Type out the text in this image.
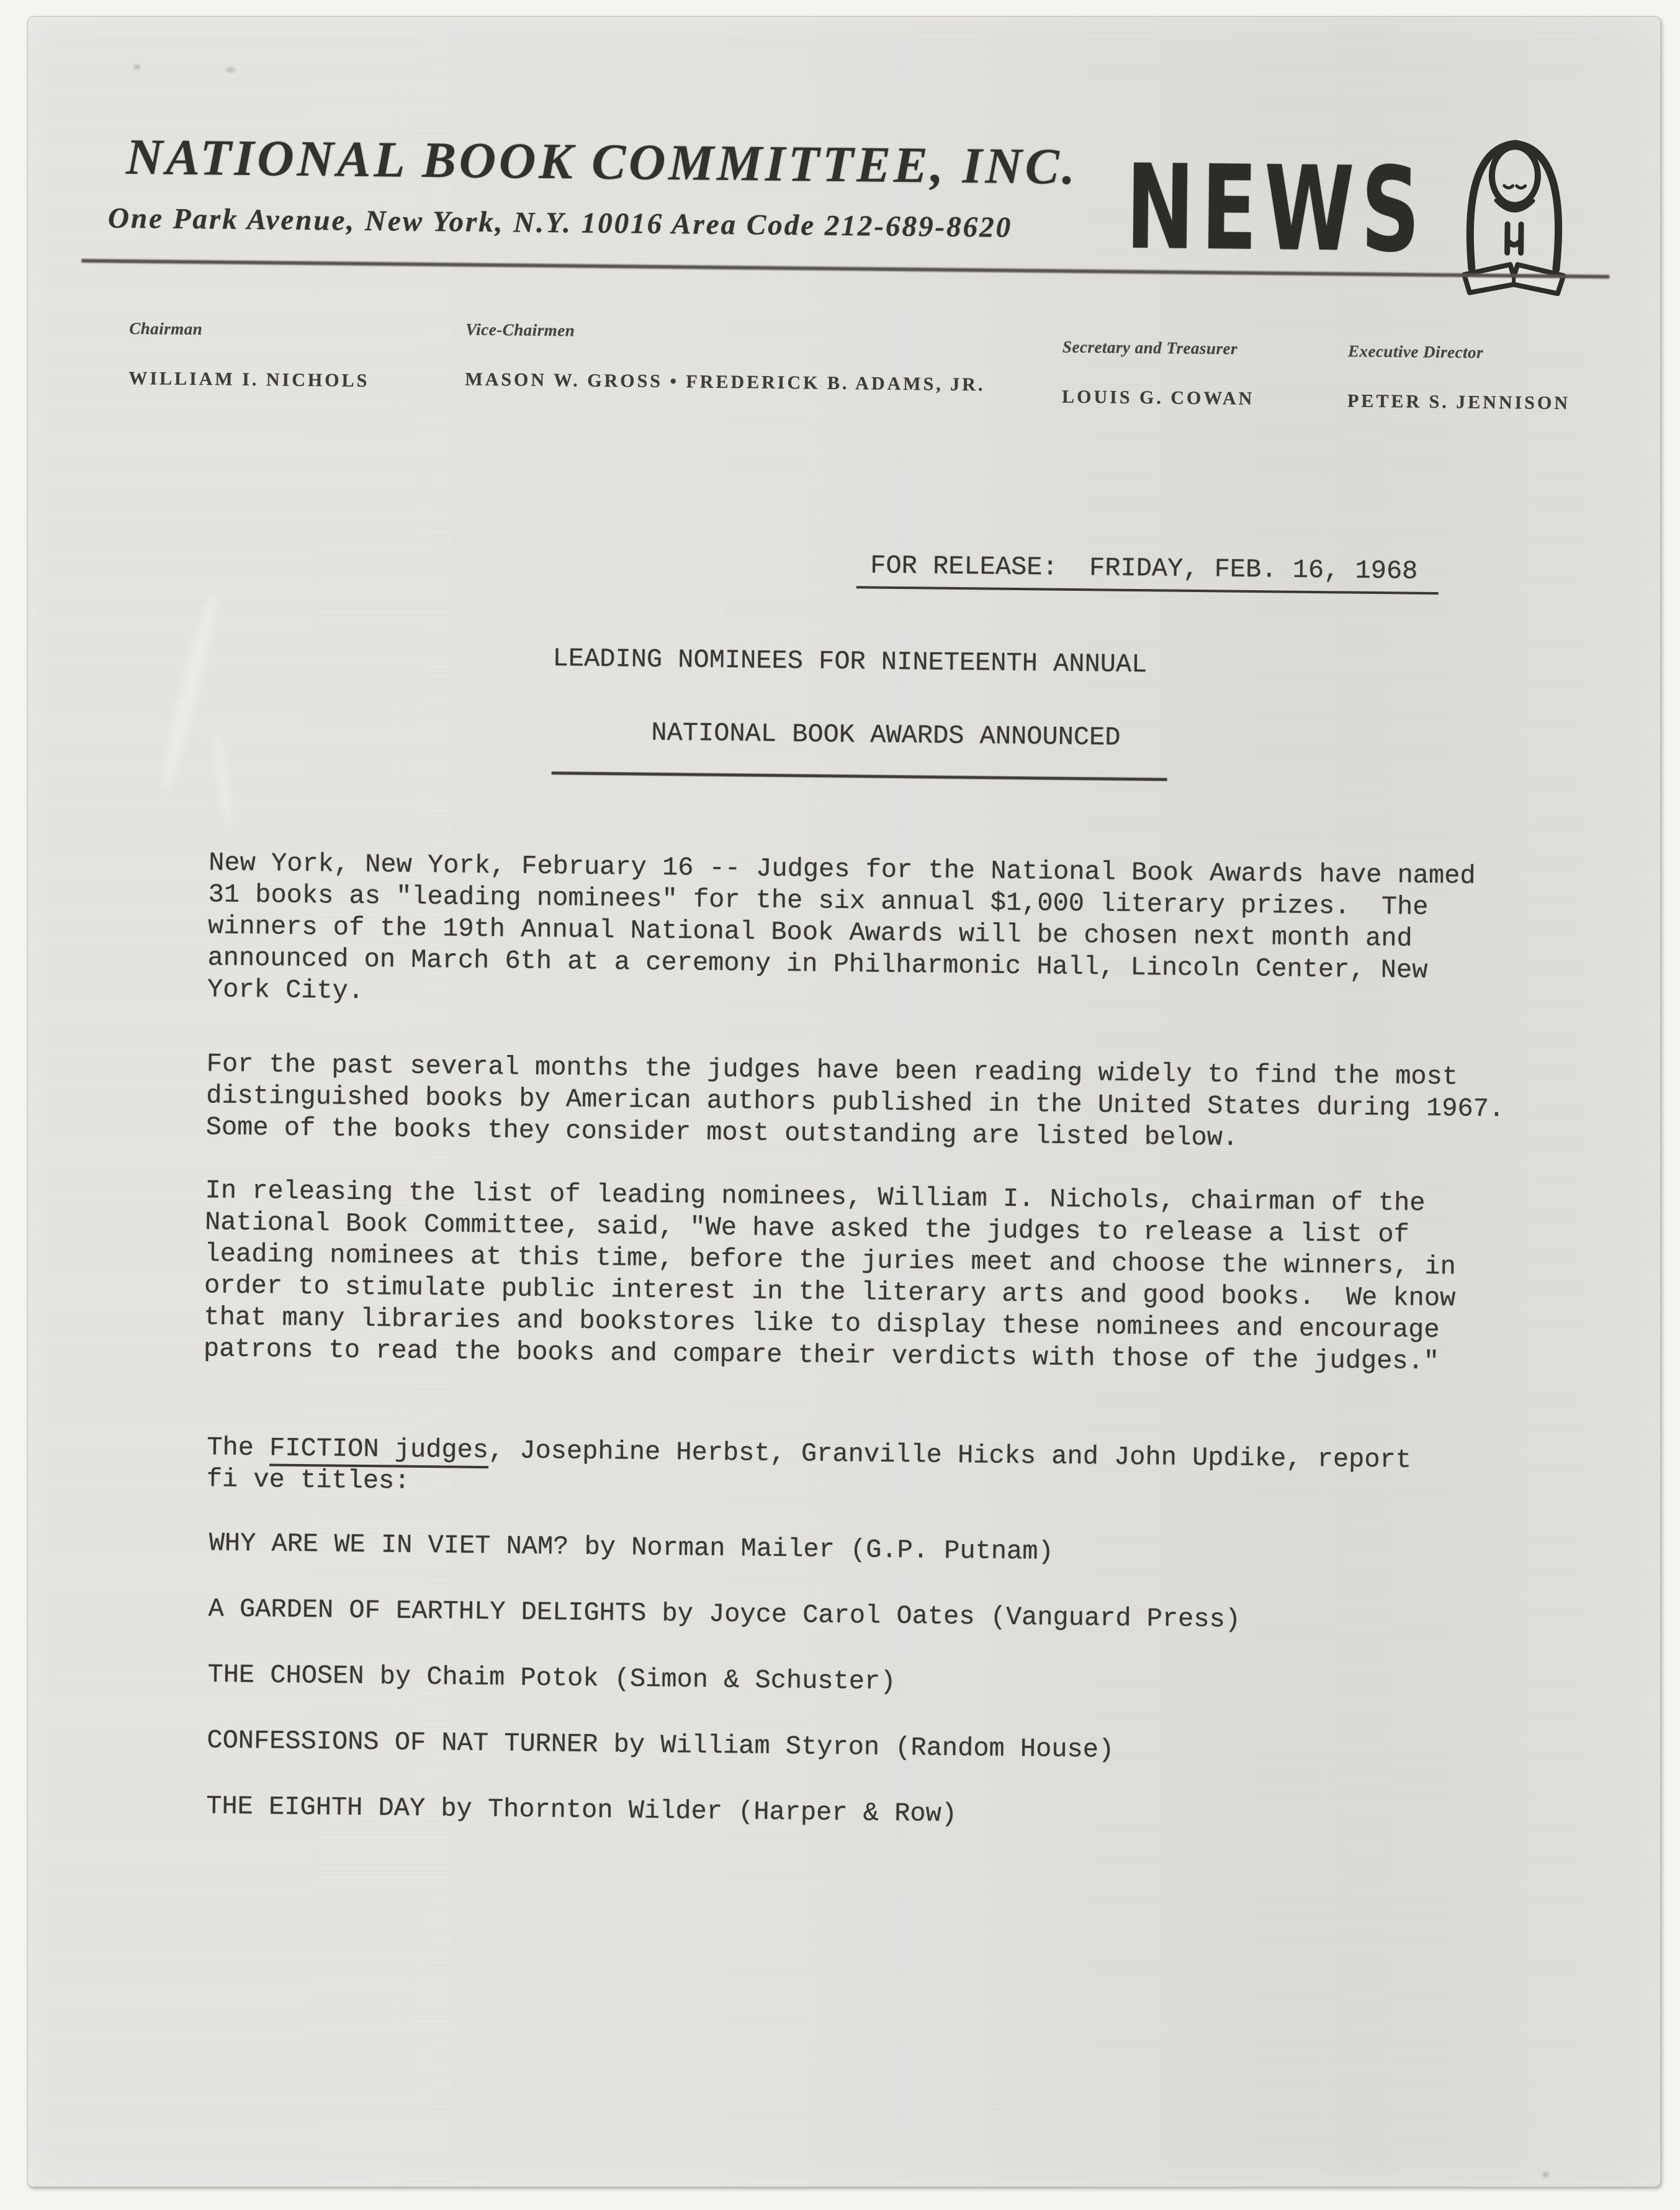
NATIONAL BOOK COMMITTEE, INC.
One Park Avenue, New York, N.Y. 10016 Area Code 212-689-8620 NEWS

Chairman

WILLIAM I. NICHOLS

Vice-Chairmen

MASON W. GROSS • FREDERICK B. ADAMS, JR.

Secretary and Treasurer

LOUIS G. COWAN

Executive Director

PETER S. JENNISON

FOR RELEASE:  FRIDAY, FEB. 16, 1968
LEADING NOMINEES FOR NINETEENTH ANNUAL
NATIONAL BOOK AWARDS ANNOUNCED
New York, New York, February 16 -- Judges for the National Book Awards have named
31 books as "leading nominees" for the six annual $1,000 literary prizes.  The
winners of the 19th Annual National Book Awards will be chosen next month and
announced on March 6th at a ceremony in Philharmonic Hall, Lincoln Center, New
York City.
For the past several months the judges have been reading widely to find the most
distinguished books by American authors published in the United States during 1967.
Some of the books they consider most outstanding are listed below.
In releasing the list of leading nominees, William I. Nichols, chairman of the
National Book Committee, said, "We have asked the judges to release a list of
leading nominees at this time, before the juries meet and choose the winners, in
order to stimulate public interest in the literary arts and good books.  We know
that many libraries and bookstores like to display these nominees and encourage
patrons to read the books and compare their verdicts with those of the judges."
The FICTION judges, Josephine Herbst, Granville Hicks and John Updike, report
fi ve titles:
WHY ARE WE IN VIET NAM? by Norman Mailer (G.P. Putnam)
A GARDEN OF EARTHLY DELIGHTS by Joyce Carol Oates (Vanguard Press)
THE CHOSEN by Chaim Potok (Simon & Schuster)
CONFESSIONS OF NAT TURNER by William Styron (Random House)
THE EIGHTH DAY by Thornton Wilder (Harper & Row)
